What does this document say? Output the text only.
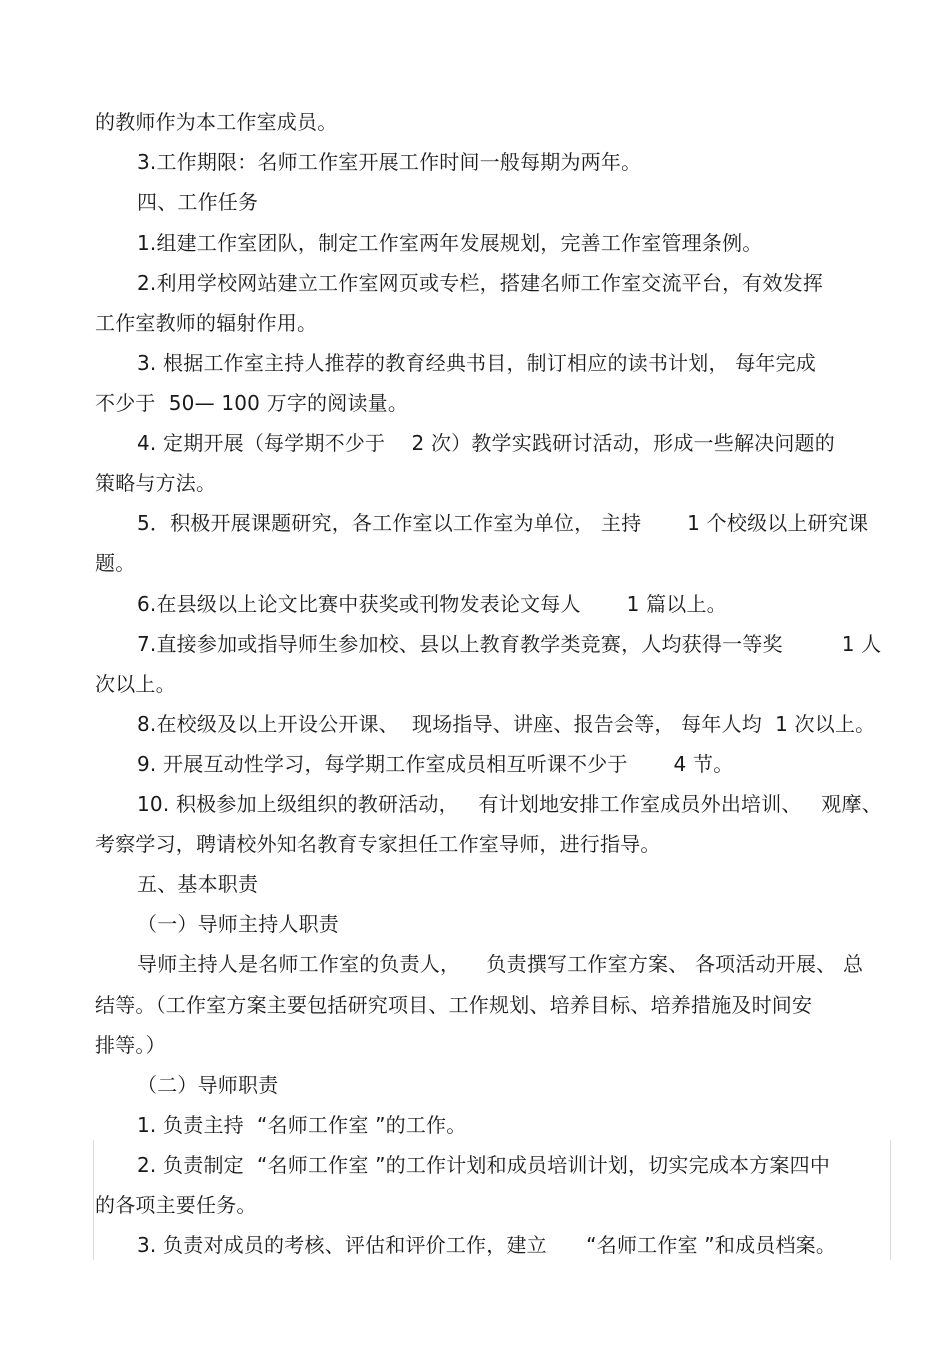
的教师作为本工作室成员。
3.工作期限：名师工作室开展工作时间一般每期为两年。
四、工作任务
1.组建工作室团队，制定工作室两年发展规划，完善工作室管理条例。
2.利用学校网站建立工作室网页或专栏，搭建名师工作室交流平台，有效发挥
工作室教师的辐射作用。
3. 根据工作室主持人推荐的教育经典书目，制订相应的读书计划， 每年完成
不少于  50— 100 万字的阅读量。
4. 定期开展（每学期不少于    2 次）教学实践研讨活动，形成一些解决问题的
策略与方法。
5．积极开展课题研究，各工作室以工作室为单位， 主持       1 个校级以上研究课
题。
6.在县级以上论文比赛中获奖或刊物发表论文每人       1 篇以上。
7.直接参加或指导师生参加校、县以上教育教学类竞赛，人均获得一等奖         1 人
次以上。
8.在校级及以上开设公开课、  现场指导、讲座、报告会等， 每年人均  1 次以上。
9. 开展互动性学习，每学期工作室成员相互听课不少于       4 节。
10. 积极参加上级组织的教研活动，   有计划地安排工作室成员外出培训、   观摩、
考察学习，聘请校外知名教育专家担任工作室导师，进行指导。
五、基本职责
（一）导师主持人职责
导师主持人是名师工作室的负责人，    负责撰写工作室方案、 各项活动开展、 总
结等。（工作室方案主要包括研究项目、工作规划、培养目标、培养措施及时间安
排等。）
（二）导师职责
1. 负责主持  “名师工作室 ”的工作。
2. 负责制定  “名师工作室 ”的工作计划和成员培训计划，切实完成本方案四中
的各项主要任务。
3. 负责对成员的考核、评估和评价工作，建立      “名师工作室 ”和成员档案。
